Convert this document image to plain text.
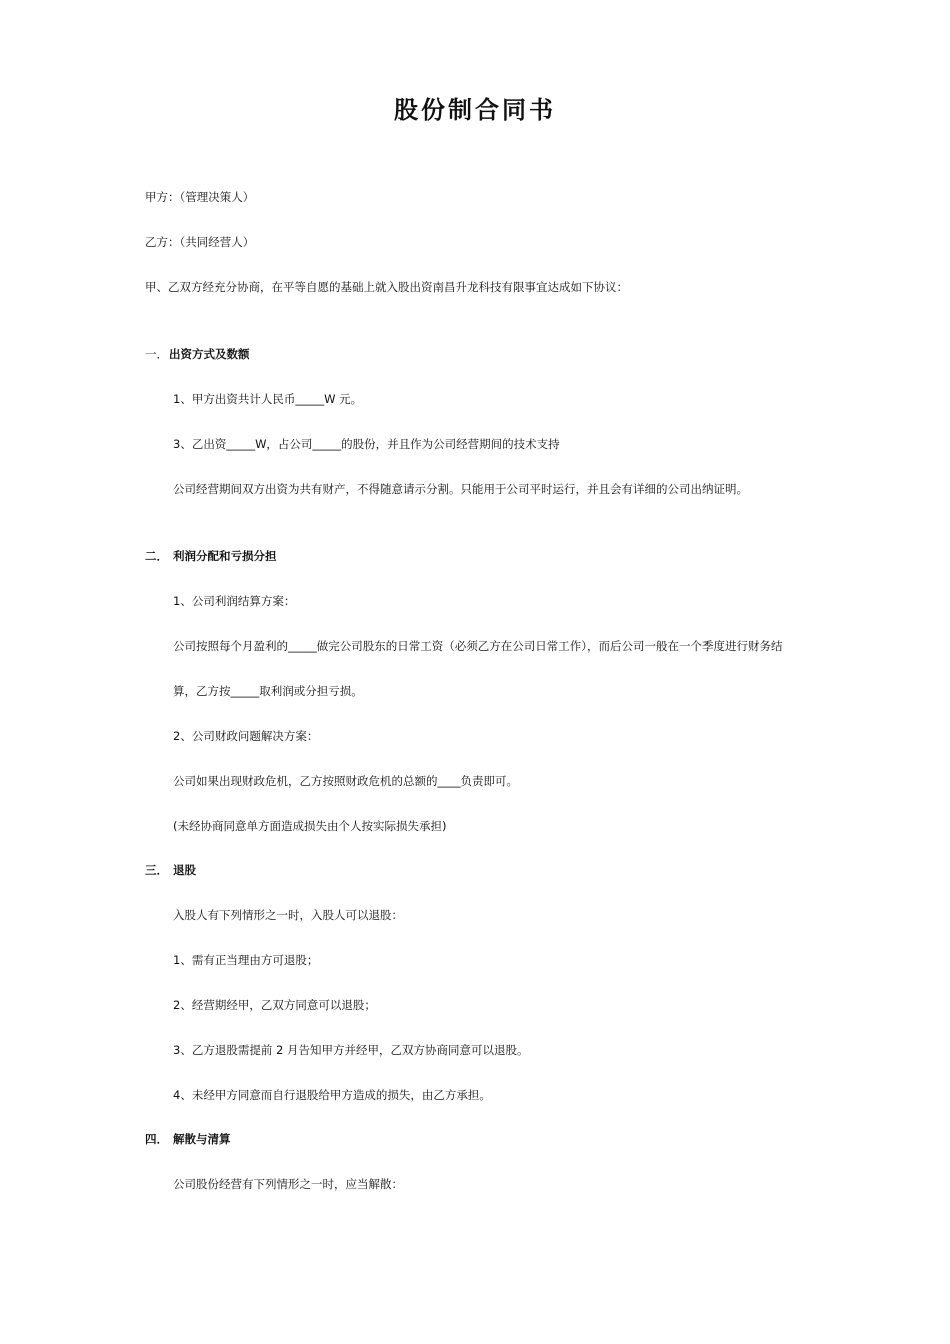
股份制合同书
甲方：（管理决策人）
乙方：（共同经营人）
甲、乙双方经充分协商，在平等自愿的基础上就入股出资南昌升龙科技有限事宜达成如下协议：
一．出资方式及数额
1、甲方出资共计人民币_____W 元。
3、乙出资_____W，占公司_____的股份，并且作为公司经营期间的技术支持
公司经营期间双方出资为共有财产，不得随意请示分割。只能用于公司平时运行，并且会有详细的公司出纳证明。
二． 利润分配和亏损分担
1、公司利润结算方案：
公司按照每个月盈利的_____做完公司股东的日常工资（必须乙方在公司日常工作），而后公司一般在一个季度进行财务结
算，乙方按_____取利润或分担亏损。
2、公司财政问题解决方案：
公司如果出现财政危机，乙方按照财政危机的总额的____负责即可。
(未经协商同意单方面造成损失由个人按实际损失承担)
三． 退股
入股人有下列情形之一时，入股人可以退股：
1、需有正当理由方可退股；
2、经营期经甲，乙双方同意可以退股；
3、乙方退股需提前 2 月告知甲方并经甲，乙双方协商同意可以退股。
4、未经甲方同意而自行退股给甲方造成的损失，由乙方承担。
四． 解散与清算
公司股份经营有下列情形之一时，应当解散：
